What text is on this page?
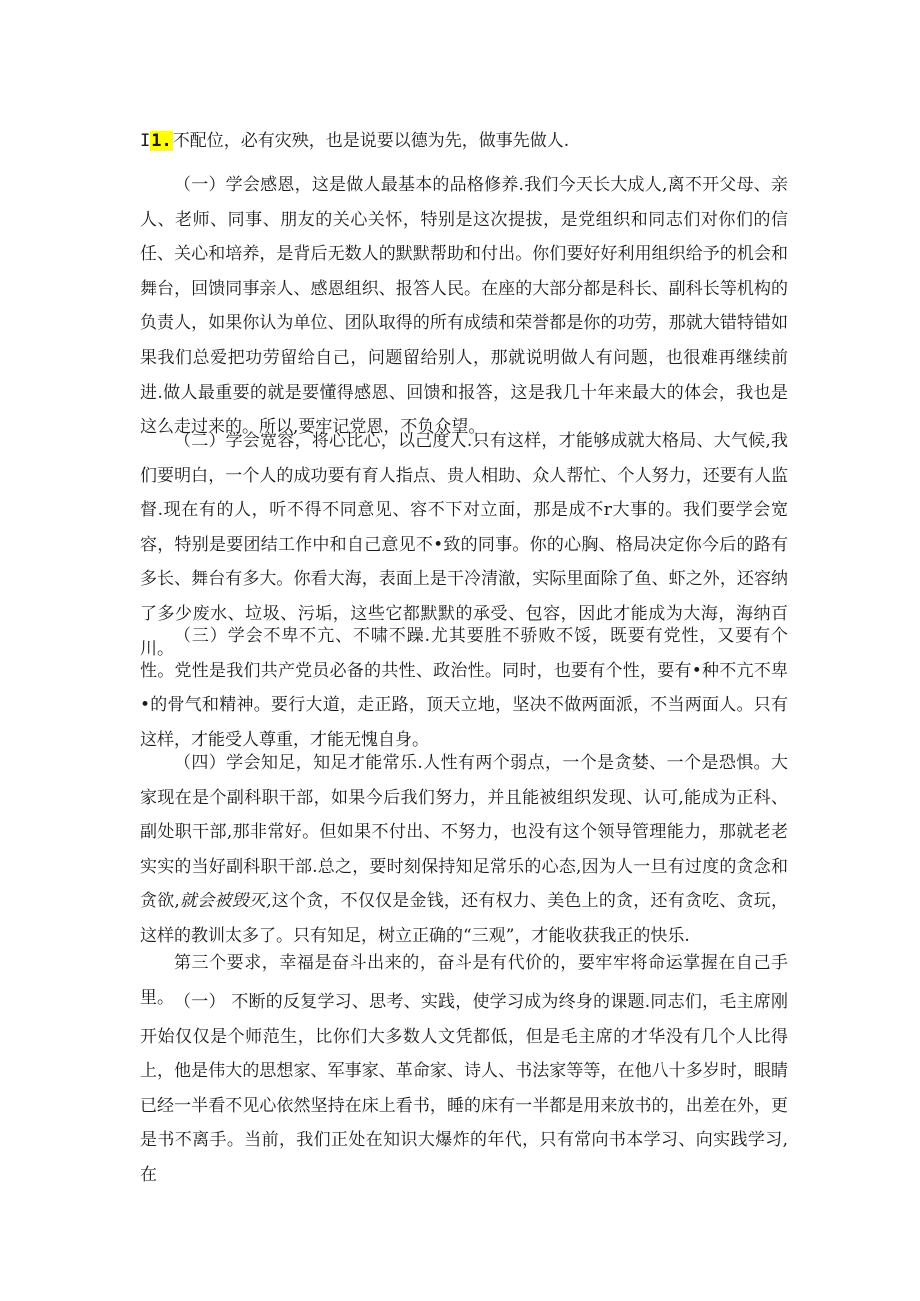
I1.不配位，必有灾殃，也是说要以德为先，做事先做人.

（一）学会感恩，这是做人最基本的品格修养.我们今天长大成人,离不开父母、亲人、老师、同事、朋友的关心关怀，特别是这次提拔，是党组织和同志们对你们的信任、关心和培养，是背后无数人的默默帮助和付出。你们要好好利用组织给予的机会和舞台，回馈同事亲人、感恩组织、报答人民。在座的大部分都是科长、副科长等机构的负责人，如果你认为单位、团队取得的所有成绩和荣誉都是你的功劳，那就大错特错如果我们总爱把功劳留给自己，问题留给别人，那就说明做人有问题，也很难再继续前进.做人最重要的就是要懂得感恩、回馈和报答，这是我几十年来最大的体会，我也是这么走过来的。所以,要牢记党恩，不负众望。

（二）学会宽容，将心比心，以己度人.只有这样，才能够成就大格局、大气候,我们要明白，一个人的成功要有育人指点、贵人相助、众人帮忙、个人努力，还要有人监督.现在有的人，听不得不同意见、容不下对立面，那是成不r大事的。我们要学会宽容，特别是要团结工作中和自己意见不•致的同事。你的心胸、格局决定你今后的路有多长、舞台有多大。你看大海，表面上是干冷清澈，实际里面除了鱼、虾之外，还容纳了多少废水、垃圾、污垢，这些它都默默的承受、包容，因此才能成为大海，海纳百川。

（三）学会不卑不亢、不啸不躁.尤其要胜不骄败不馁，既要有党性，又要有个性。党性是我们共产党员必备的共性、政治性。同时，也要有个性，要有•种不亢不卑•的骨气和精神。要行大道，走正路，顶天立地，坚决不做两面派，不当两面人。只有这样，才能受人尊重，才能无愧自身。

（四）学会知足，知足才能常乐.人性有两个弱点，一个是贪婪、一个是恐惧。大家现在是个副科职干部，如果今后我们努力，并且能被组织发现、认可,能成为正科、副处职干部,那非常好。但如果不付出、不努力，也没有这个领导管理能力，那就老老实实的当好副科职干部.总之，要时刻保持知足常乐的心态,因为人一旦有过度的贪念和贪欲,就会被毁灭,这个贪，不仅仅是金钱，还有权力、美色上的贪，还有贪吃、贪玩，这样的教训太多了。只有知足，树立正确的“三观”，才能收获我正的快乐.

第三个要求，幸福是奋斗出来的，奋斗是有代价的，要牢牢将命运掌握在自己手里。 （一） 不断的反复学习、思考、实践，使学习成为终身的课题.同志们，毛主席刚开始仅仅是个师范生，比你们大多数人文凭都低，但是毛主席的才华没有几个人比得上，他是伟大的思想家、军事家、革命家、诗人、书法家等等，在他八十多岁时，眼睛已经一半看不见心依然坚持在床上看书，睡的床有一半都是用来放书的，出差在外，更是书不离手。当前，我们正处在知识大爆炸的年代，只有常向书本学习、向实践学习,在
